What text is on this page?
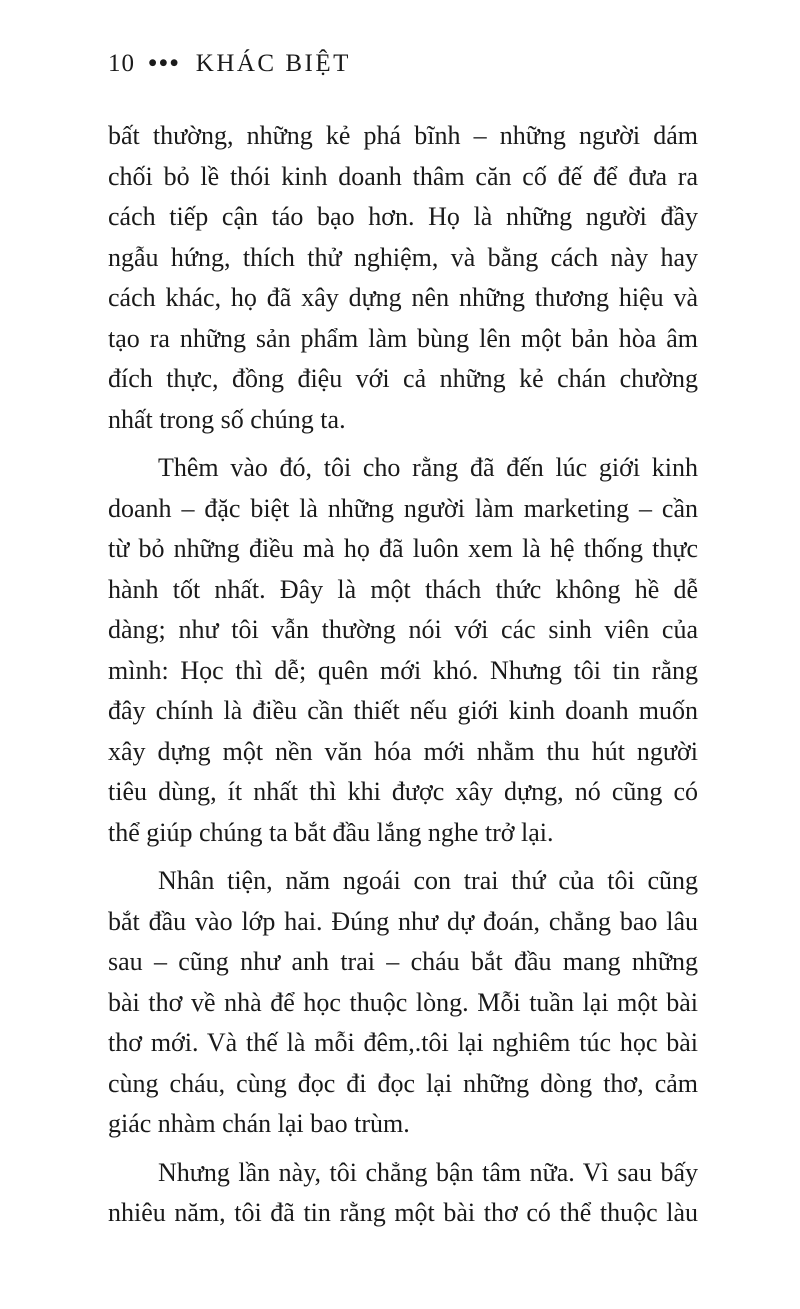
10 ••• KHÁC BIỆT
bất thường, những kẻ phá bĩnh – những người dám
chối bỏ lề thói kinh doanh thâm căn cố đế để đưa ra
cách tiếp cận táo bạo hơn. Họ là những người đầy
ngẫu hứng, thích thử nghiệm, và bằng cách này hay
cách khác, họ đã xây dựng nên những thương hiệu và
tạo ra những sản phẩm làm bùng lên một bản hòa âm
đích thực, đồng điệu với cả những kẻ chán chường
nhất trong số chúng ta.
Thêm vào đó, tôi cho rằng đã đến lúc giới kinh
doanh – đặc biệt là những người làm marketing – cần
từ bỏ những điều mà họ đã luôn xem là hệ thống thực
hành tốt nhất. Đây là một thách thức không hề dễ
dàng; như tôi vẫn thường nói với các sinh viên của
mình: Học thì dễ; quên mới khó. Nhưng tôi tin rằng
đây chính là điều cần thiết nếu giới kinh doanh muốn
xây dựng một nền văn hóa mới nhằm thu hút người
tiêu dùng, ít nhất thì khi được xây dựng, nó cũng có
thể giúp chúng ta bắt đầu lắng nghe trở lại.
Nhân tiện, năm ngoái con trai thứ của tôi cũng
bắt đầu vào lớp hai. Đúng như dự đoán, chẳng bao lâu
sau – cũng như anh trai – cháu bắt đầu mang những
bài thơ về nhà để học thuộc lòng. Mỗi tuần lại một bài
thơ mới. Và thế là mỗi đêm,.tôi lại nghiêm túc học bài
cùng cháu, cùng đọc đi đọc lại những dòng thơ, cảm
giác nhàm chán lại bao trùm.
Nhưng lần này, tôi chẳng bận tâm nữa. Vì sau bấy
nhiêu năm, tôi đã tin rằng một bài thơ có thể thuộc làu
